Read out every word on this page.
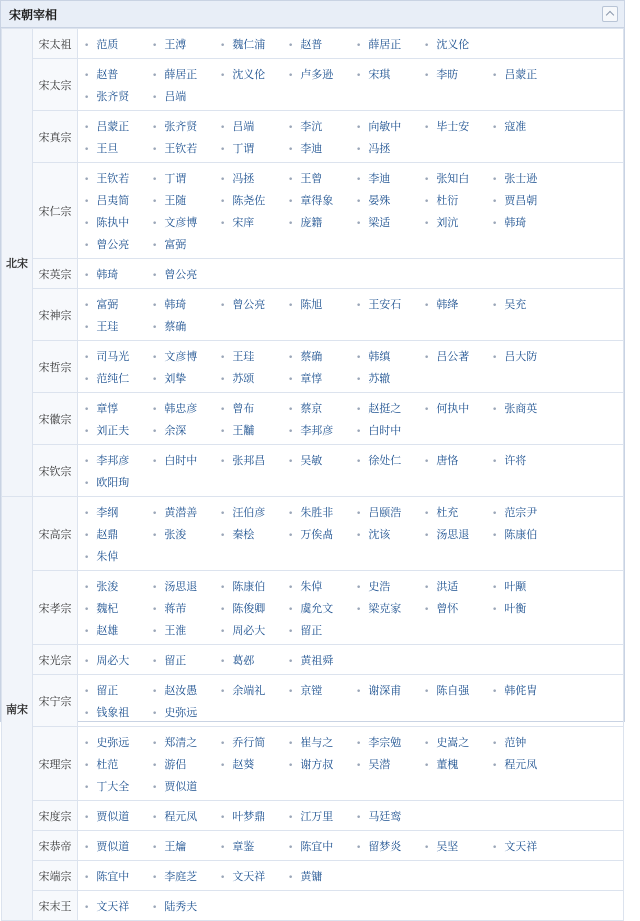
宋朝宰相
北宋	宋太祖	• 范质 • 王溥 • 魏仁浦 • 赵普 • 薛居正 • 沈义伦
	宋太宗	• 赵普 • 薛居正 • 沈义伦 • 卢多逊 • 宋琪 • 李昉 • 吕蒙正• 张齐贤 • 吕端
	宋真宗	• 吕蒙正 • 张齐贤 • 吕端 • 李沆 • 向敏中 • 毕士安 • 寇准• 王旦 • 王钦若 • 丁谓 • 李迪 • 冯拯
	宋仁宗	• 王钦若 • 丁谓 • 冯拯 • 王曾 • 李迪 • 张知白 • 张士逊• 吕夷简 • 王随 • 陈尧佐 • 章得象 • 晏殊 • 杜衍 • 贾昌朝• 陈执中 • 文彦博 • 宋庠 • 庞籍 • 梁适 • 刘沆 • 韩琦• 曾公亮 • 富弼
	宋英宗	• 韩琦 • 曾公亮
	宋神宗	• 富弼 • 韩琦 • 曾公亮 • 陈旭 • 王安石 • 韩绛 • 吴充• 王珪 • 蔡确
	宋哲宗	• 司马光 • 文彦博 • 王珪 • 蔡确 • 韩缜 • 吕公著 • 吕大防• 范纯仁 • 刘挚 • 苏颂 • 章惇 • 苏辙
	宋徽宗	• 章惇 • 韩忠彦 • 曾布 • 蔡京 • 赵挺之 • 何执中 • 张商英• 刘正夫 • 余深 • 王黼 • 李邦彦 • 白时中
	宋钦宗	• 李邦彦 • 白时中 • 张邦昌 • 吴敏 • 徐处仁 • 唐恪 • 许将• 欧阳珣
南宋	宋高宗	• 李纲 • 黄潜善 • 汪伯彦 • 朱胜非 • 吕颐浩 • 杜充 • 范宗尹• 赵鼎 • 张浚 • 秦桧 • 万俟卨 • 沈该 • 汤思退 • 陈康伯• 朱倬
	宋孝宗	• 张浚 • 汤思退 • 陈康伯 • 朱倬 • 史浩 • 洪适 • 叶颙• 魏杞 • 蒋芾 • 陈俊卿 • 虞允文 • 梁克家 • 曾怀 • 叶衡• 赵雄 • 王淮 • 周必大 • 留正
	宋光宗	• 周必大 • 留正 • 葛邲 • 黄祖舜
	宋宁宗	• 留正 • 赵汝愚 • 余端礼 • 京镗 • 谢深甫 • 陈自强 • 韩侂胄• 钱象祖 • 史弥远
	宋理宗	• 史弥远 • 郑清之 • 乔行简 • 崔与之 • 李宗勉 • 史嵩之 • 范钟• 杜范 • 游侣 • 赵葵 • 谢方叔 • 吴潜 • 董槐 • 程元凤• 丁大全 • 贾似道
	宋度宗	• 贾似道 • 程元凤 • 叶梦鼎 • 江万里 • 马廷鸾
	宋恭帝	• 贾似道 • 王爚 • 章鉴 • 陈宜中 • 留梦炎 • 吴坚 • 文天祥
	宋端宗	• 陈宜中 • 李庭芝 • 文天祥 • 黄镛
	宋末王	• 文天祥 • 陆秀夫
